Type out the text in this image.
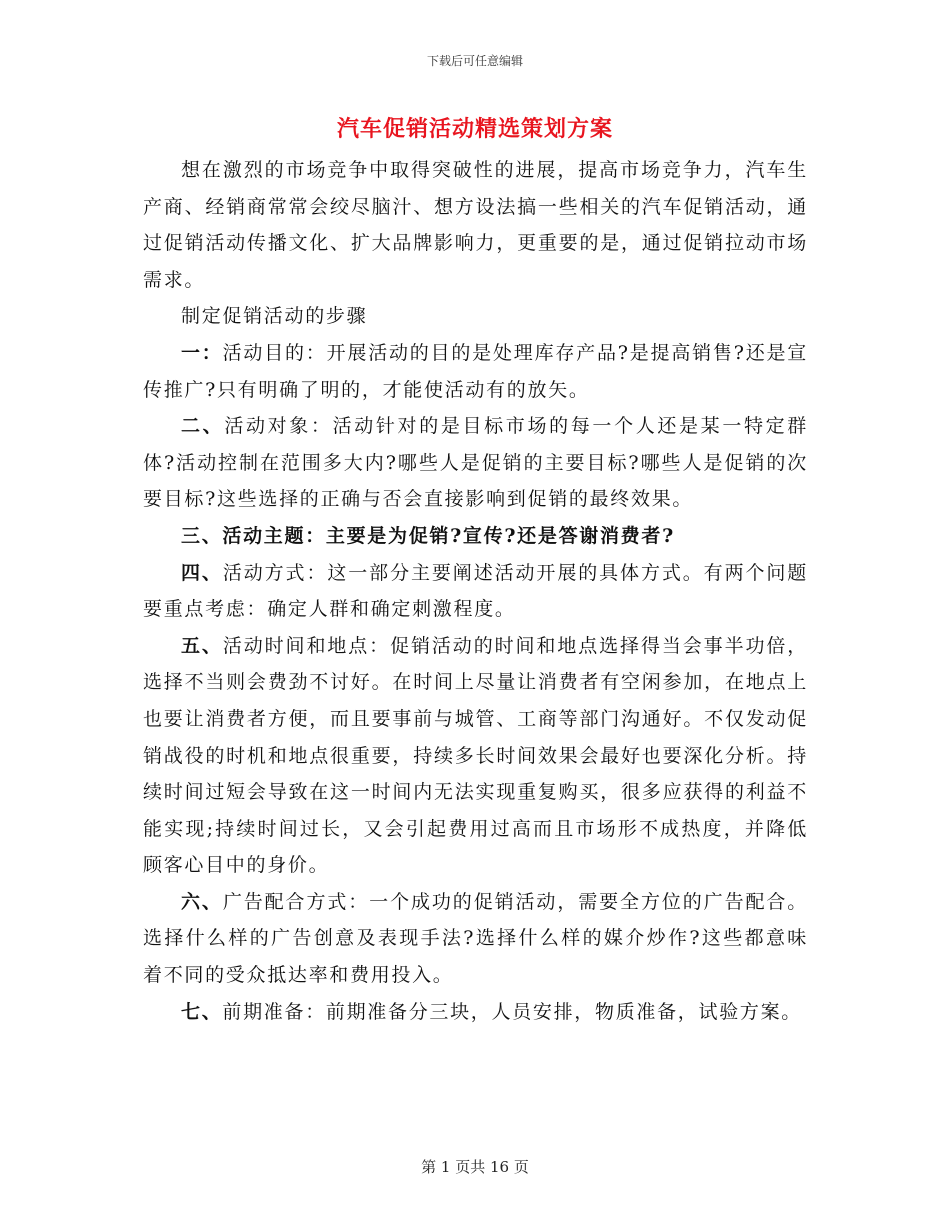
下载后可任意编辑
汽车促销活动精选策划方案

想在激烈的市场竞争中取得突破性的进展，提高市场竞争力，汽车生产商、经销商常常会绞尽脑汁、想方设法搞一些相关的汽车促销活动，通过促销活动传播文化、扩大品牌影响力，更重要的是，通过促销拉动市场需求。

制定促销活动的步骤

一：活动目的：开展活动的目的是处理库存产品?是提高销售?还是宣传推广?只有明确了明的，才能使活动有的放矢。

二、活动对象：活动针对的是目标市场的每一个人还是某一特定群体?活动控制在范围多大内?哪些人是促销的主要目标?哪些人是促销的次要目标?这些选择的正确与否会直接影响到促销的最终效果。

三、活动主题：主要是为促销?宣传?还是答谢消费者?

四、活动方式：这一部分主要阐述活动开展的具体方式。有两个问题要重点考虑：确定人群和确定刺激程度。

五、活动时间和地点：促销活动的时间和地点选择得当会事半功倍，选择不当则会费劲不讨好。在时间上尽量让消费者有空闲参加，在地点上也要让消费者方便，而且要事前与城管、工商等部门沟通好。不仅发动促销战役的时机和地点很重要，持续多长时间效果会最好也要深化分析。持续时间过短会导致在这一时间内无法实现重复购买，很多应获得的利益不能实现;持续时间过长，又会引起费用过高而且市场形不成热度，并降低顾客心目中的身价。

六、广告配合方式：一个成功的促销活动，需要全方位的广告配合。选择什么样的广告创意及表现手法?选择什么样的媒介炒作?这些都意味着不同的受众抵达率和费用投入。

七、前期准备：前期准备分三块，人员安排，物质准备，试验方案。

第 1 页共 16 页
